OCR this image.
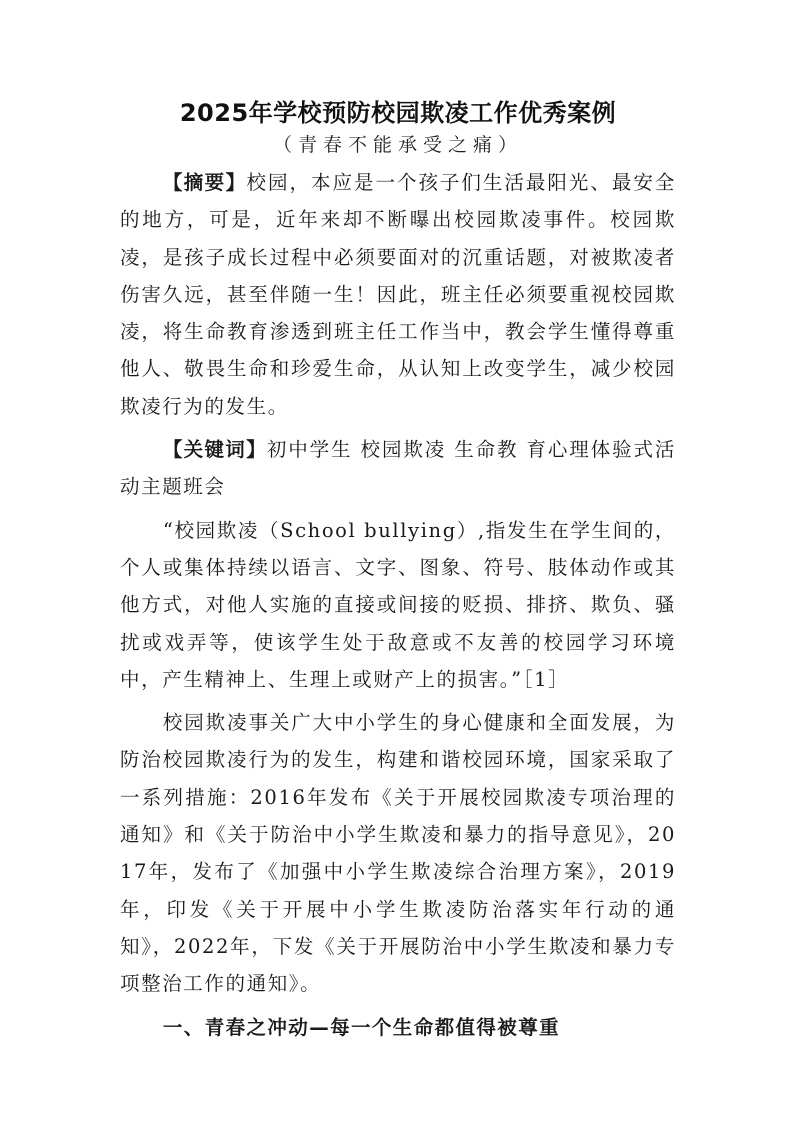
2025年学校预防校园欺凌工作优秀案例

（青春不能承受之痛）

【摘要】校园，本应是一个孩子们生活最阳光、最安全的地方，可是，近年来却不断曝出校园欺凌事件。校园欺凌，是孩子成长过程中必须要面对的沉重话题，对被欺凌者伤害久远，甚至伴随一生！因此，班主任必须要重视校园欺凌，将生命教育渗透到班主任工作当中，教会学生懂得尊重他人、敬畏生命和珍爱生命，从认知上改变学生，减少校园欺凌行为的发生。

【关键词】初中学生 校园欺凌 生命教 育心理体验式活动主题班会

“校园欺凌（School bullying）,指发生在学生间的，个人或集体持续以语言、文字、图象、符号、肢体动作或其他方式，对他人实施的直接或间接的贬损、排挤、欺负、骚扰或戏弄等，使该学生处于敌意或不友善的校园学习环境中，产生精神上、生理上或财产上的损害。”［1］

校园欺凌事关广大中小学生的身心健康和全面发展，为防治校园欺凌行为的发生，构建和谐校园环境，国家采取了一系列措施：2016年发布《关于开展校园欺凌专项治理的通知》和《关于防治中小学生欺凌和暴力的指导意见》，2017年，发布了《加强中小学生欺凌综合治理方案》，2019年，印发《关于开展中小学生欺凌防治落实年行动的通知》，2022年，下发《关于开展防治中小学生欺凌和暴力专项整治工作的通知》。

一、青春之冲动—每一个生命都值得被尊重
